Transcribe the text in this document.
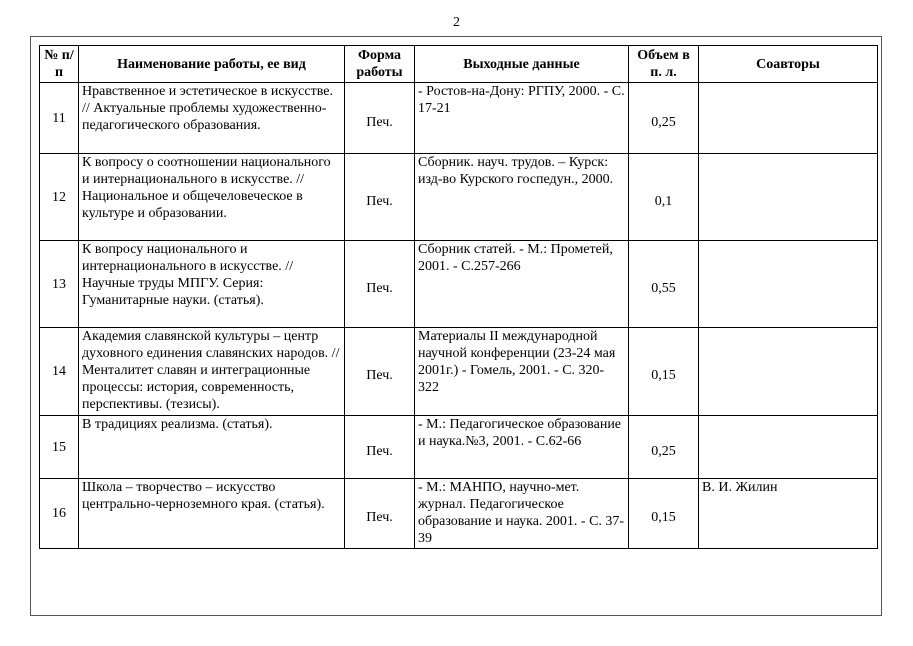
2
№ п/п	Наименование работы, ее вид	Форма работы	Выходные данные	Объем в п. л.	Соавторы
11	Нравственное и эстетическое в искусстве. // Актуальные проблемы художественно-педагогического образования.	Печ.	- Ростов-на-Дону: РГПУ, 2000. - С. 17-21	0,25	

12	К вопросу о соотношении национального и интернационального в искусстве. // Национальное и общечеловеческое в культуре и образовании.	Печ.	Сборник. науч. трудов. – Курск: изд-во Курского госпедун., 2000.	0,1	

13	К вопросу национального и интернационального в искусстве. // Научные труды МПГУ. Серия: Гуманитарные науки. (статья).	Печ.	Сборник статей. - М.: Прометей, 2001. - С.257-266	0,55	

14	Академия славянской культуры – центр духовного единения славянских народов. //Менталитет славян и интеграционные процессы: история, современность, перспективы. (тезисы).	Печ.	Материалы II международной научной конференции (23-24 мая 2001г.) - Гомель, 2001. - С. 320-322	0,15	

15	В традициях реализма. (статья).	Печ.	- М.: Педагогическое образование и наука.№3, 2001. - С.62-66	0,25	

16	Школа – творчество – искусство центрально-черноземного края. (статья).	Печ.	- М.: МАНПО, научно-мет. журнал. Педагогическое образование и наука. 2001. - С. 37-39	0,15	В. И. Жилин
